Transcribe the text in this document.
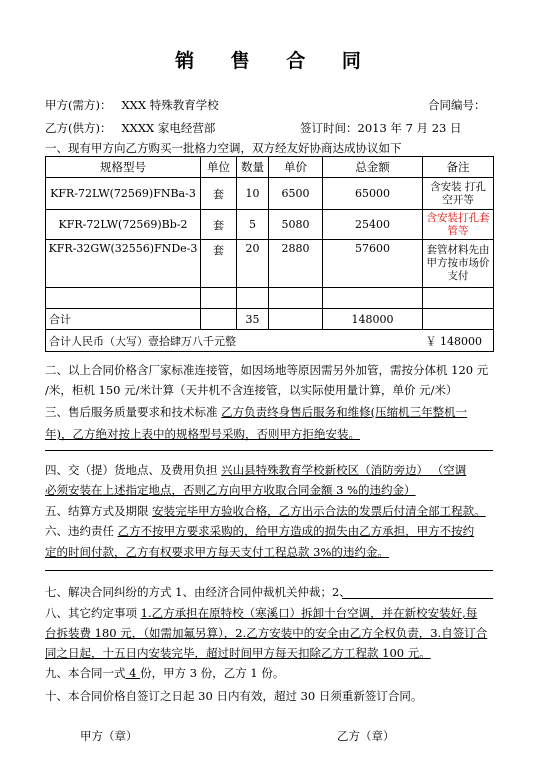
销 售 合 同
甲方(需方)： XXX 特殊教育学校	合同编号：
乙方(供方)： XXXX 家电经营部	签订时间：2013 年 7 月 23 日
一、现有甲方向乙方购买一批格力空调，双方经友好协商达成协议如下
规格型号	单位	数量	单价	总金额	备注
KFR-72LW(72569)FNBa-3	套	10	6500	65000	含安装 打孔空开等
KFR-72LW(72569)Bb-2	套	5	5080	25400	含安装打孔套管等
KFR-32GW(32556)FNDe-3	套	20	2880	57600	套管材料先由甲方按市场价支付

合计		35		148000	
合计人民币（大写）壹拾肆万八千元整 ￥ 148000					
二、以上合同价格含厂家标准连接管，如因场地等原因需另外加管，需按分体机 120 元
/米，柜机 150 元/米计算（天井机不含连接管，以实际使用量计算，单价 元/米）
三、售后服务质量要求和技术标准 乙方负责终身售后服务和维修(压缩机三年整机一
年)，乙方绝对按上表中的规格型号采购，否则甲方拒绝安装。
四、交（提）货地点、及费用负担 兴山县特殊教育学校新校区（消防旁边） （空调
必须安装在上述指定地点，否则乙方向甲方收取合同金额 3 %的违约金）
五、结算方式及期限 安装完毕甲方验收合格，乙方出示合法的发票后付清全部工程款。
六、违约责任 乙方不按甲方要求采购的，给甲方造成的损失由乙方承担，甲方不按约
定的时间付款，乙方有权要求甲方每天支付工程总款 3%的违约金。
七、解决合同纠纷的方式 1、由经济合同仲裁机关仲裁；2、
八、其它约定事项 1.乙方承担在原特校（寒溪口）拆卸十台空调，并在新校安装好,每
台拆装费 180 元，（如需加氟另算），2.乙方安装中的安全由乙方全权负责，3.自签订合
同之日起，十五日内安装完毕，超过时间甲方每天扣除乙方工程款 100 元。
九、本合同一式 4 份，甲方 3 份，乙方 1 份。
十、本合同价格自签订之日起 30 日内有效，超过 30 日须重新签订合同。
甲方（章）	乙方（章）
